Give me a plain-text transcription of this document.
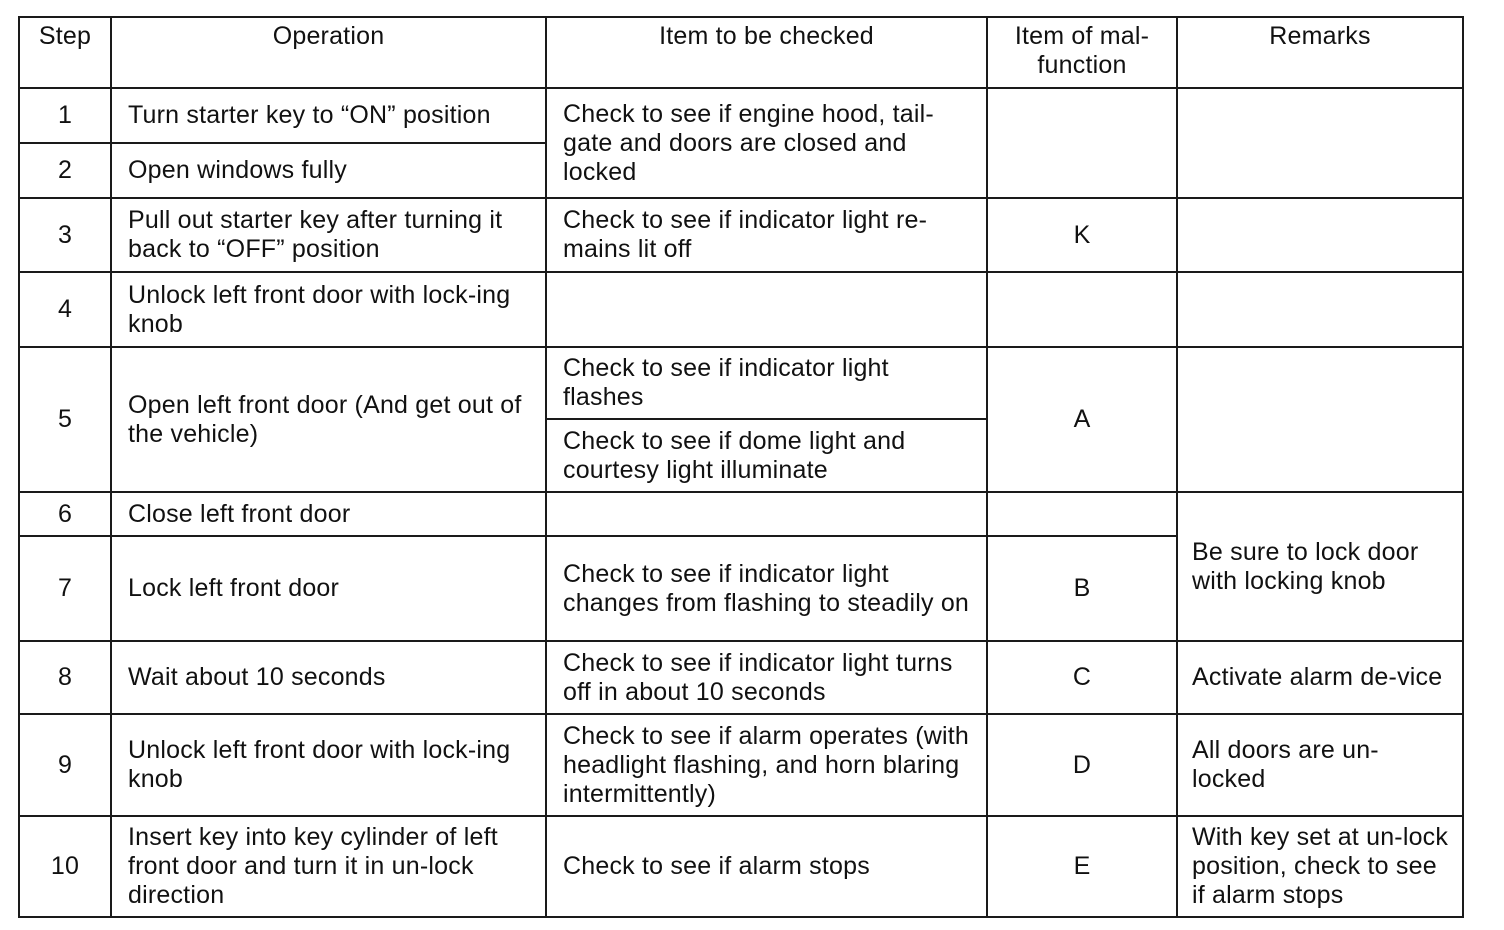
Step	Operation	Item to be checked	Item of mal-
function	Remarks
1	Turn starter key to “ON” position	Check to see if engine hood, tail-gate and doors are closed and locked		
2	Open windows fully			
3	Pull out starter key after turning it back to “OFF” position	Check to see if indicator light re-mains lit off	K	
4	Unlock left front door with lock-ing knob			
5	Open left front door (And get out of the vehicle)	Check to see if indicator light flashes	A	
		Check to see if dome light and courtesy light illuminate		
6	Close left front door			Be sure to lock door with locking knob

7	Lock left front door	Check to see if indicator light changes from flashing to steadily on	B	
8	Wait about 10 seconds	Check to see if indicator light turns off in about 10 seconds	C	Activate alarm de-vice
9	Unlock left front door with lock-ing knob	Check to see if alarm operates (with headlight flashing, and horn blaring intermittently)	D	All doors are un-locked
10	Insert key into key cylinder of left front door and turn it in un-lock direction	Check to see if alarm stops	E	With key set at un-lock position, check to see if alarm stops
